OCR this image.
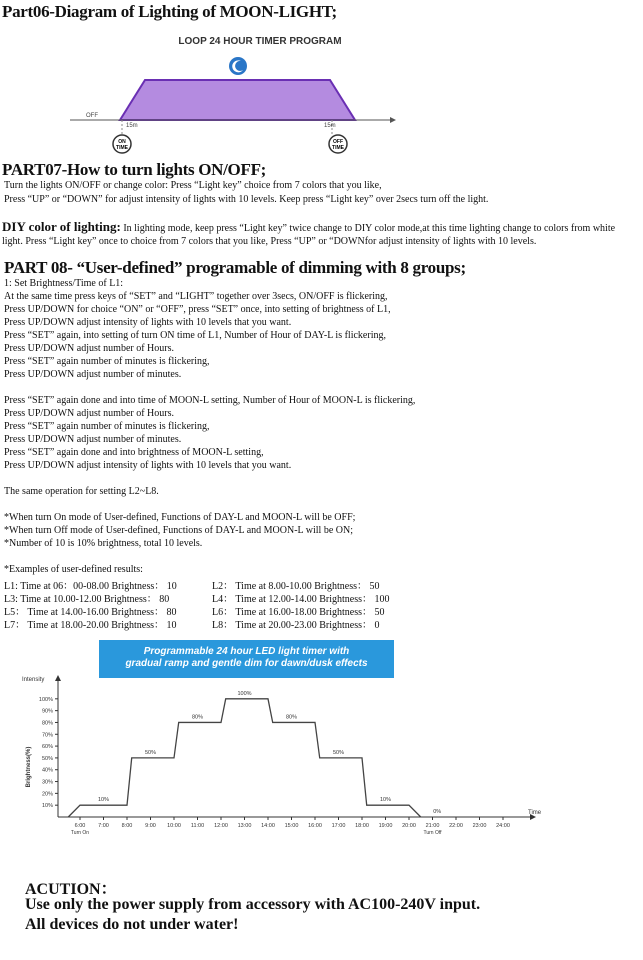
Part06-Diagram of Lighting of MOON-LIGHT;
LOOP 24 HOUR TIMER PROGRAM
OFF
15m	15m
ON
TIME
OFF
TIME
PART07-How to turn lights ON/OFF;
Turn the lights ON/OFF or change color: Press “Light key” choice from 7 colors that you like,
Press “UP” or “DOWN” for adjust intensity of lights with 10 levels. Keep press “Light key” over 2secs turn off the light.
DIY color of lighting: In lighting mode, keep press “Light key” twice change to DIY color mode,at this time lighting change to colors from white
light. Press “Light key” once to choice from 7 colors that you like, Press “UP” or “DOWNfor adjust intensity of lights with 10 levels.
PART 08- “User-defined” programable of dimming with 8 groups;
1: Set Brightness/Time of L1:
At the same time press keys of “SET” and “LIGHT” together over 3secs, ON/OFF is flickering,
Press UP/DOWN for choice “ON” or “OFF”, press “SET” once, into setting of brightness of L1,
Press UP/DOWN adjust intensity of lights with 10 levels that you want.
Press “SET” again, into setting of turn ON time of L1, Number of Hour of DAY-L is flickering,
Press UP/DOWN adjust number of Hours.
Press “SET” again number of minutes is flickering,
Press UP/DOWN adjust number of minutes.
Press “SET” again done and into time of MOON-L setting, Number of Hour of MOON-L is flickering,
Press UP/DOWN adjust number of Hours.
Press “SET” again number of minutes is flickering,
Press UP/DOWN adjust number of minutes.
Press “SET” again done and into brightness of MOON-L setting,
Press UP/DOWN adjust intensity of lights with 10 levels that you want.
The same operation for setting L2~L8.
*When turn On mode of User-defined, Functions of DAY-L and MOON-L will be OFF;
*When turn Off mode of User-defined, Functions of DAY-L and MOON-L will be ON;
*Number of 10 is 10% brightness, total 10 levels.
*Examples of user-defined results:
L1: Time at 06：00-08.00 Brightness： 10	L2： Time at 8.00-10.00 Brightness： 50
L3: Time at 10.00-12.00 Brightness： 80	L4： Time at 12.00-14.00 Brightness： 100
L5： Time at 14.00-16.00 Brightness： 80	L6： Time at 16.00-18.00 Brightness： 50
L7： Time at 18.00-20.00 Brightness： 10	L8： Time at 20.00-23.00 Brightness： 0
Programmable 24 hour LED light timer with
gradual ramp and gentle dim for dawn/dusk effects
Intensity
Time
Brightness(%)
10%
20%
30%
40%
50%
60%
70%
80%
90%
100%
6:00 7:00 8:00 9:00 10:00 11:00 12:00 13:00 14:00 15:00 16:00 17:00 18:00 19:00 20:00 21:00 22:00 23:00 24:00
10%
50%
80%
100%
80%
50%
10%
0%
Turn On	Turn Off
ACUTION：
Use only the power supply from accessory with AC100-240V input.
All devices do not under water!
